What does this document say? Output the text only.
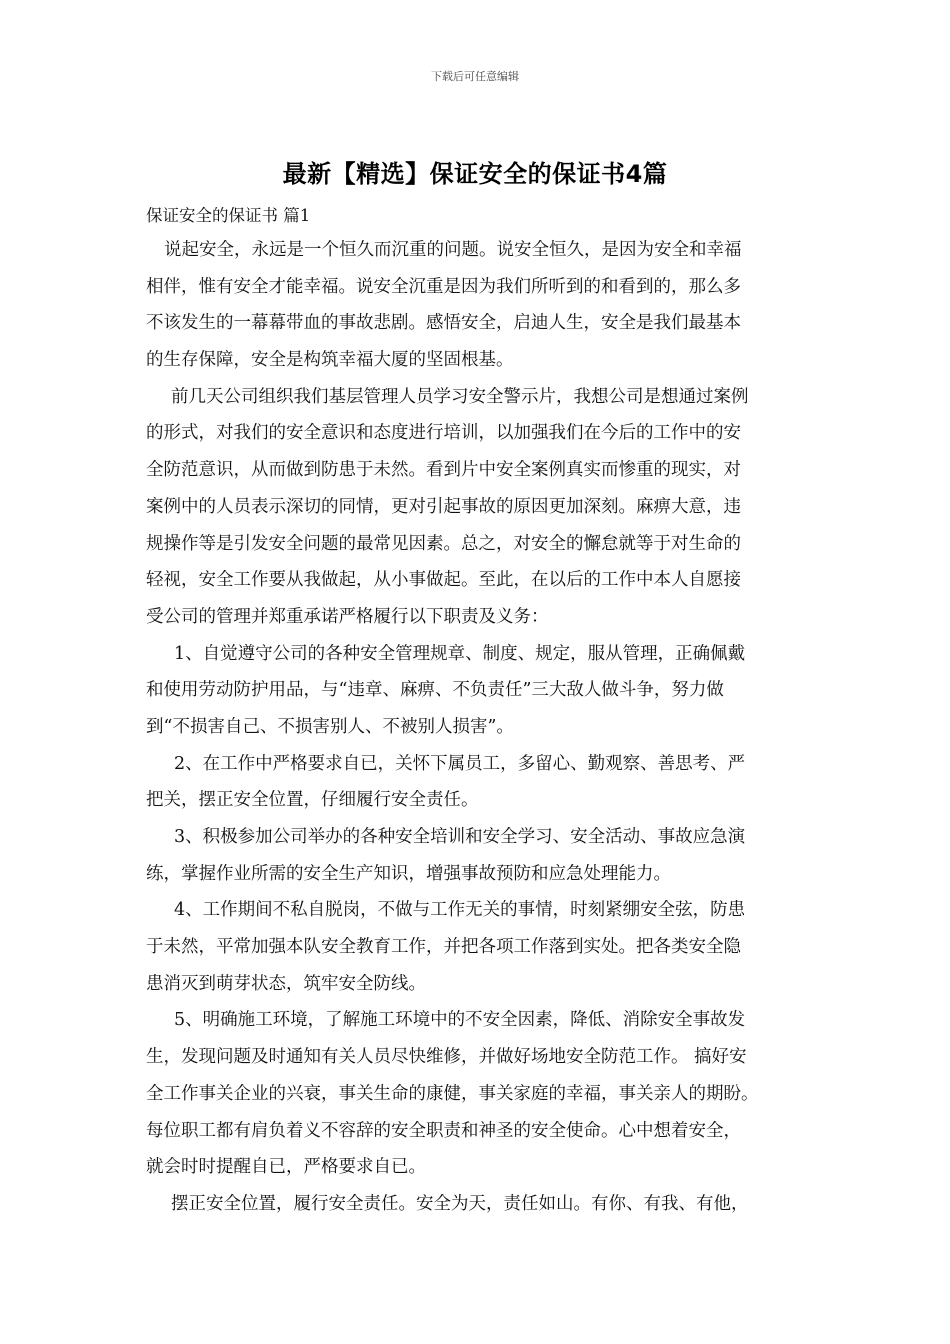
下载后可任意编辑
最新【精选】保证安全的保证书4篇
保证安全的保证书 篇1
说起安全，永远是一个恒久而沉重的问题。说安全恒久，是因为安全和幸福
相伴，惟有安全才能幸福。说安全沉重是因为我们所听到的和看到的，那么多
不该发生的一幕幕带血的事故悲剧。感悟安全，启迪人生，安全是我们最基本
的生存保障，安全是构筑幸福大厦的坚固根基。
前几天公司组织我们基层管理人员学习安全警示片，我想公司是想通过案例
的形式，对我们的安全意识和态度进行培训，以加强我们在今后的工作中的安
全防范意识，从而做到防患于未然。看到片中安全案例真实而惨重的现实，对
案例中的人员表示深切的同情，更对引起事故的原因更加深刻。麻痹大意，违
规操作等是引发安全问题的最常见因素。总之，对安全的懈怠就等于对生命的
轻视，安全工作要从我做起，从小事做起。至此，在以后的工作中本人自愿接
受公司的管理并郑重承诺严格履行以下职责及义务：
1、自觉遵守公司的各种安全管理规章、制度、规定，服从管理，正确佩戴
和使用劳动防护用品，与“违章、麻痹、不负责任”三大敌人做斗争，努力做
到“不损害自己、不损害别人、不被别人损害”。
2、在工作中严格要求自已，关怀下属员工，多留心、勤观察、善思考、严
把关，摆正安全位置，仔细履行安全责任。
3、积极参加公司举办的各种安全培训和安全学习、安全活动、事故应急演
练，掌握作业所需的安全生产知识，增强事故预防和应急处理能力。
4、工作期间不私自脱岗，不做与工作无关的事情，时刻紧绷安全弦，防患
于未然，平常加强本队安全教育工作，并把各项工作落到实处。把各类安全隐
患消灭到萌芽状态，筑牢安全防线。
5、明确施工环境，了解施工环境中的不安全因素，降低、消除安全事故发
生，发现问题及时通知有关人员尽快维修，并做好场地安全防范工作。 搞好安
全工作事关企业的兴衰，事关生命的康健，事关家庭的幸福，事关亲人的期盼。
每位职工都有肩负着义不容辞的安全职责和神圣的安全使命。心中想着安全，
就会时时提醒自已，严格要求自已。
摆正安全位置，履行安全责任。安全为天，责任如山。有你、有我、有他，
